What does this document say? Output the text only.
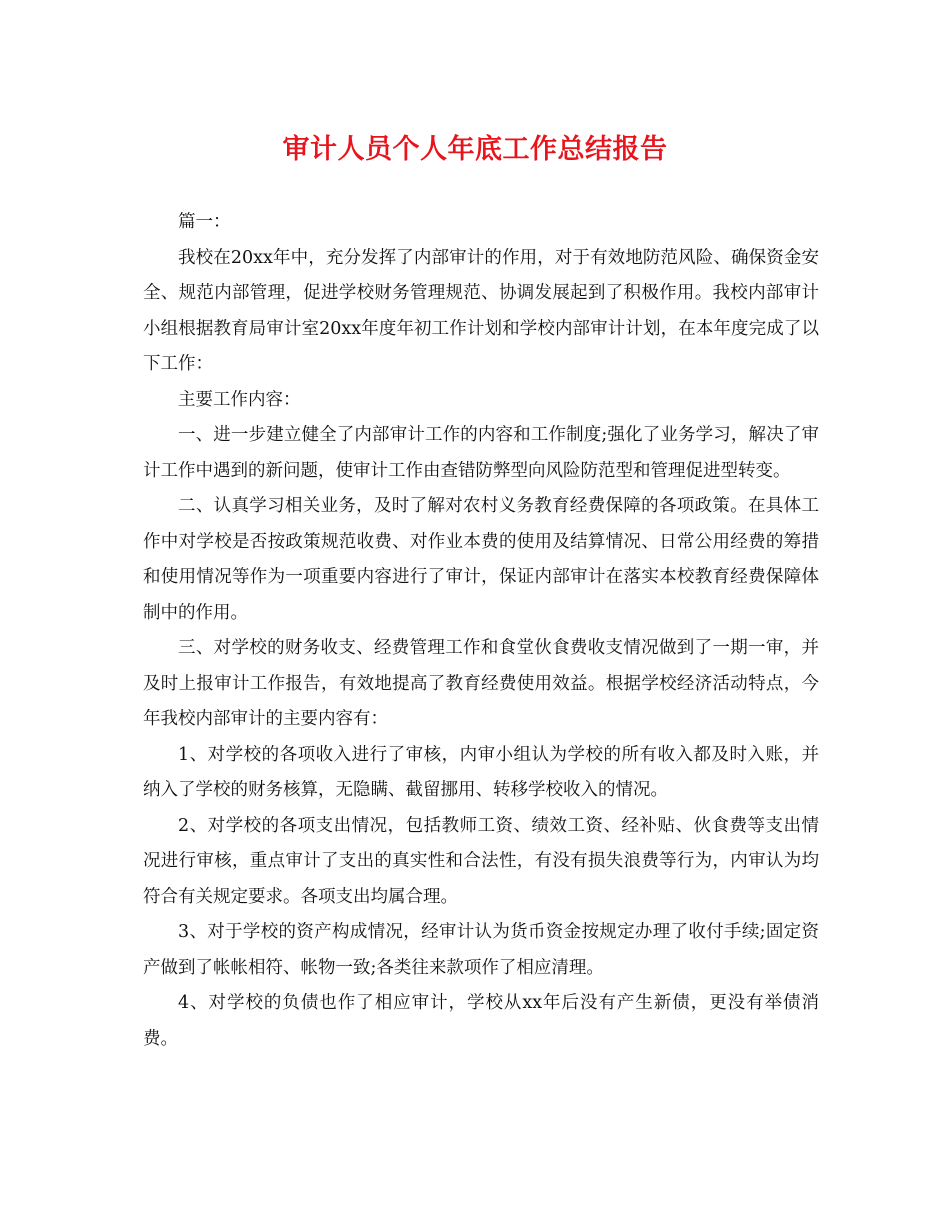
审计人员个人年底工作总结报告

篇一：

我校在20xx年中，充分发挥了内部审计的作用，对于有效地防范风险、确保资金安全、规范内部管理，促进学校财务管理规范、协调发展起到了积极作用。我校内部审计小组根据教育局审计室20xx年度年初工作计划和学校内部审计计划，在本年度完成了以下工作：

主要工作内容：

一、进一步建立健全了内部审计工作的内容和工作制度;强化了业务学习，解决了审计工作中遇到的新问题，使审计工作由查错防弊型向风险防范型和管理促进型转变。

二、认真学习相关业务，及时了解对农村义务教育经费保障的各项政策。在具体工作中对学校是否按政策规范收费、对作业本费的使用及结算情况、日常公用经费的筹措和使用情况等作为一项重要内容进行了审计，保证内部审计在落实本校教育经费保障体制中的作用。

三、对学校的财务收支、经费管理工作和食堂伙食费收支情况做到了一期一审，并及时上报审计工作报告，有效地提高了教育经费使用效益。根据学校经济活动特点，今年我校内部审计的主要内容有：

1、对学校的各项收入进行了审核，内审小组认为学校的所有收入都及时入账，并纳入了学校的财务核算，无隐瞒、截留挪用、转移学校收入的情况。

2、对学校的各项支出情况，包括教师工资、绩效工资、经补贴、伙食费等支出情况进行审核，重点审计了支出的真实性和合法性，有没有损失浪费等行为，内审认为均符合有关规定要求。各项支出均属合理。

3、对于学校的资产构成情况，经审计认为货币资金按规定办理了收付手续;固定资产做到了帐帐相符、帐物一致;各类往来款项作了相应清理。

4、对学校的负债也作了相应审计，学校从xx年后没有产生新债，更没有举债消费。
